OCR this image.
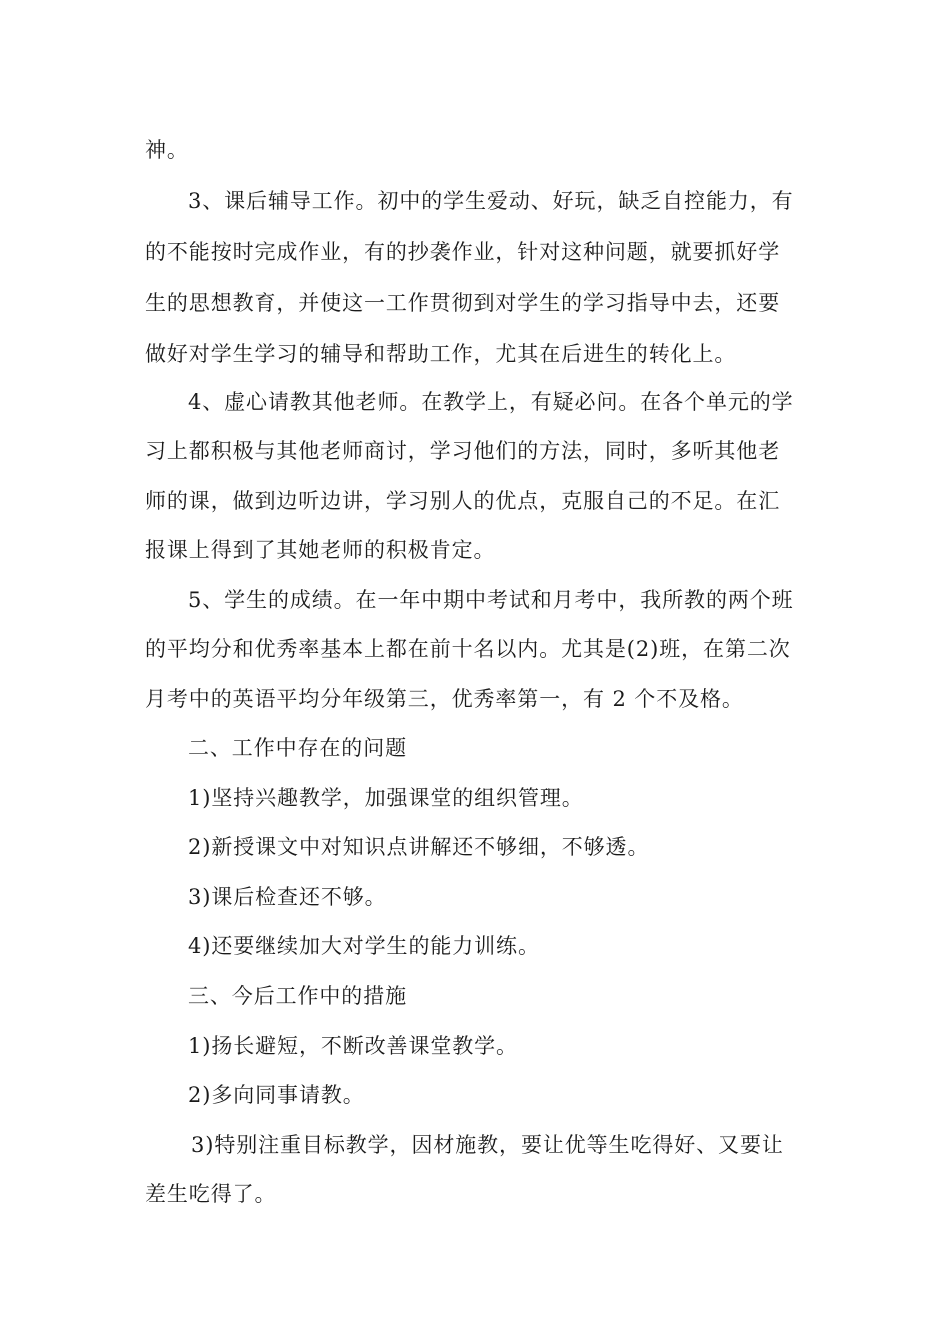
神。

3、课后辅导工作。初中的学生爱动、好玩，缺乏自控能力，有

的不能按时完成作业，有的抄袭作业，针对这种问题，就要抓好学

生的思想教育，并使这一工作贯彻到对学生的学习指导中去，还要

做好对学生学习的辅导和帮助工作，尤其在后进生的转化上。

4、虚心请教其他老师。在教学上，有疑必问。在各个单元的学

习上都积极与其他老师商讨，学习他们的方法，同时，多听其他老

师的课，做到边听边讲，学习别人的优点，克服自己的不足。在汇

报课上得到了其她老师的积极肯定。

5、学生的成绩。在一年中期中考试和月考中，我所教的两个班

的平均分和优秀率基本上都在前十名以内。尤其是(2)班，在第二次

月考中的英语平均分年级第三，优秀率第一，有 2 个不及格。

二、工作中存在的问题

1)坚持兴趣教学，加强课堂的组织管理。

2)新授课文中对知识点讲解还不够细，不够透。

3)课后检查还不够。

4)还要继续加大对学生的能力训练。

三、今后工作中的措施

1)扬长避短，不断改善课堂教学。

2)多向同事请教。

3)特别注重目标教学，因材施教，要让优等生吃得好、又要让

差生吃得了。
